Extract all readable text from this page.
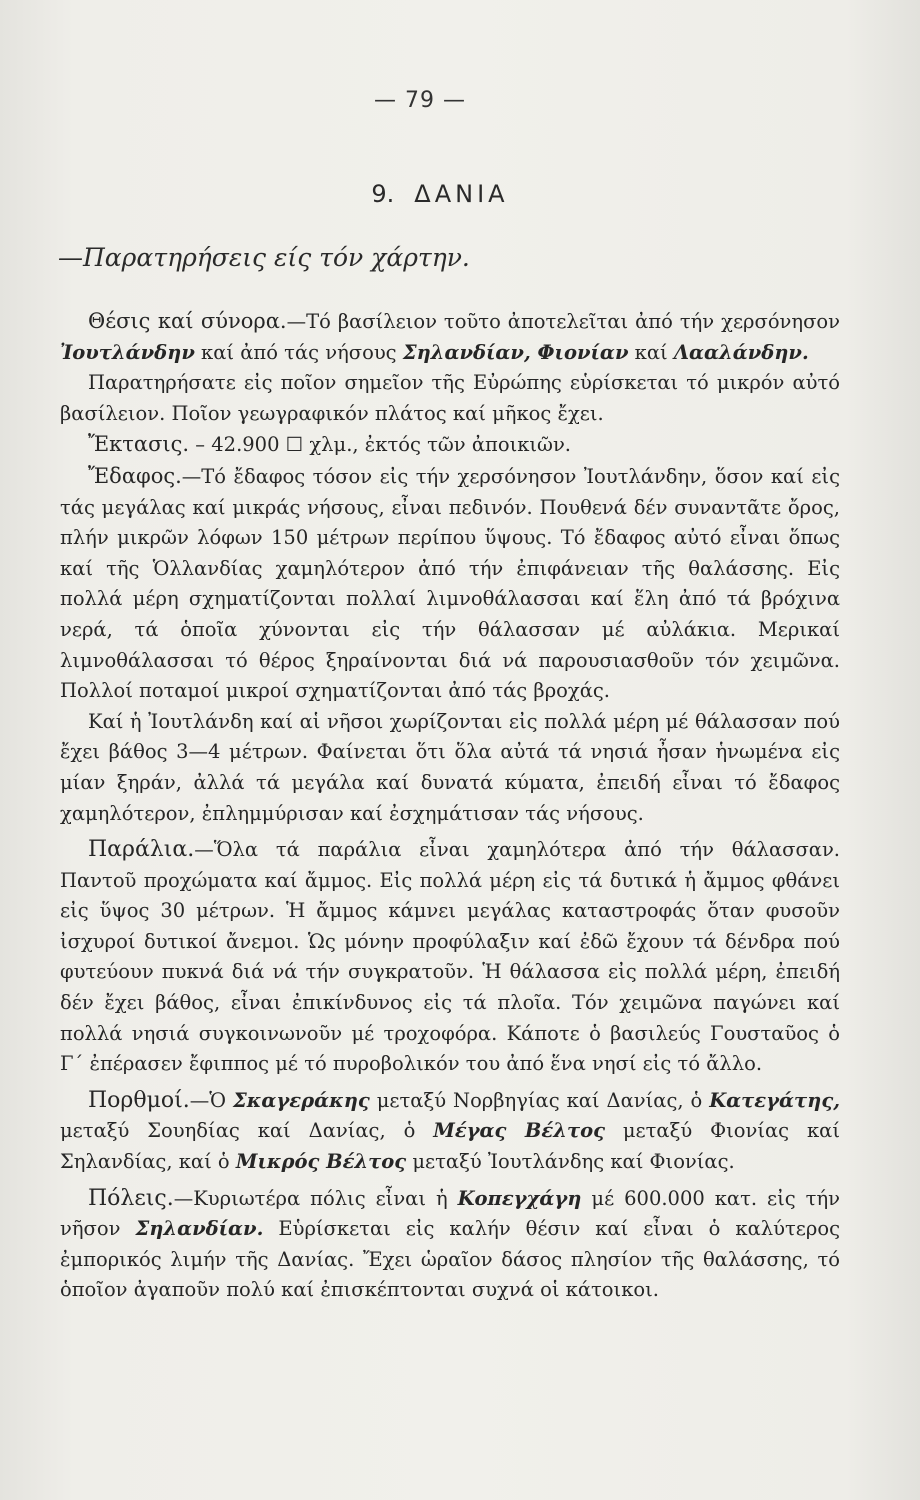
— 79 —
9. ΔΑΝΙΑ
—Παρατηρήσεις είς τόν χάρτην.

Θέσις καί σύνορα.—Τό βασίλειον τοῦτο ἀποτελεῖται ἀπό τήν χερσόνησον Ἰουτλάνδην καί ἀπό τάς νήσους Σηλανδίαν, Φιονίαν καί Λααλάνδην.

Παρατηρήσατε εἰς ποῖον σημεῖον τῆς Εὐρώπης εὑρίσκεται τό μικρόν αὐτό βασίλειον. Ποῖον γεωγραφικόν πλάτος καί μῆκος ἔχει.

Ἔκτασις. – 42.900 ☐ χλμ., ἐκτός τῶν ἀποικιῶν.

Ἔδαφος.—Τό ἔδαφος τόσον εἰς τήν χερσόνησον Ἰουτλάνδην, ὅσον καί εἰς τάς μεγάλας καί μικράς νήσους, εἶναι πεδινόν. Πουθενά δέν συναντᾶτε ὄρος, πλήν μικρῶν λόφων 150 μέτρων περίπου ὕψους. Τό ἔδαφος αὐτό εἶναι ὅπως καί τῆς Ὁλλανδίας χαμηλότερον ἀπό τήν ἐπιφάνειαν τῆς θαλάσσης. Εἰς πολλά μέρη σχηματίζονται πολλαί λιμνοθάλασσαι καί ἕλη ἀπό τά βρόχινα νερά, τά ὁποῖα χύνονται εἰς τήν θάλασσαν μέ αὐλάκια. Μερικαί λιμνοθάλασσαι τό θέρος ξηραίνονται διά νά παρουσιασθοῦν τόν χειμῶνα. Πολλοί ποταμοί μικροί σχηματίζονται ἀπό τάς βροχάς.

Καί ἡ Ἰουτλάνδη καί αἱ νῆσοι χωρίζονται εἰς πολλά μέρη μέ θάλασσαν πού ἔχει βάθος 3—4 μέτρων. Φαίνεται ὅτι ὅλα αὐτά τά νησιά ἦσαν ἡνωμένα εἰς μίαν ξηράν, ἀλλά τά μεγάλα καί δυνατά κύματα, ἐπειδή εἶναι τό ἔδαφος χαμηλότερον, ἐπλημμύρισαν καί ἐσχημάτισαν τάς νήσους.

Παράλια.—Ὅλα τά παράλια εἶναι χαμηλότερα ἀπό τήν θάλασσαν. Παντοῦ προχώματα καί ἄμμος. Εἰς πολλά μέρη εἰς τά δυτικά ἡ ἄμμος φθάνει εἰς ὕψος 30 μέτρων. Ἡ ἄμμος κάμνει μεγάλας καταστροφάς ὅταν φυσοῦν ἰσχυροί δυτικοί ἄνεμοι. Ὡς μόνην προφύλαξιν καί ἐδῶ ἔχουν τά δένδρα πού φυτεύουν πυκνά διά νά τήν συγκρατοῦν. Ἡ θάλασσα εἰς πολλά μέρη, ἐπειδή δέν ἔχει βάθος, εἶναι ἐπικίνδυνος εἰς τά πλοῖα. Τόν χειμῶνα παγώνει καί πολλά νησιά συγκοινωνοῦν μέ τροχοφόρα. Κάποτε ὁ βασιλεύς Γουσταῦος ὁ Γ΄ ἐπέρασεν ἔφιππος μέ τό πυροβολικόν του ἀπό ἕνα νησί εἰς τό ἄλλο.

Πορθμοί.—Ὁ Σκαγεράκης μεταξύ Νορβηγίας καί Δανίας, ὁ Κατεγάτης, μεταξύ Σουηδίας καί Δανίας, ὁ Μέγας Βέλτος μεταξύ Φιονίας καί Σηλανδίας, καί ὁ Μικρός Βέλτος μεταξύ Ἰουτλάνδης καί Φιονίας.

Πόλεις.—Κυριωτέρα πόλις εἶναι ἡ Κοπεγχάγη μέ 600.000 κατ. εἰς τήν νῆσον Σηλανδίαν. Εὑρίσκεται εἰς καλήν θέσιν καί εἶναι ὁ καλύτερος ἐμπορικός λιμήν τῆς Δανίας. Ἔχει ὡραῖον δάσος πλησίον τῆς θαλάσσης, τό ὁποῖον ἀγαποῦν πολύ καί ἐπισκέπτονται συχνά οἱ κάτοικοι.
